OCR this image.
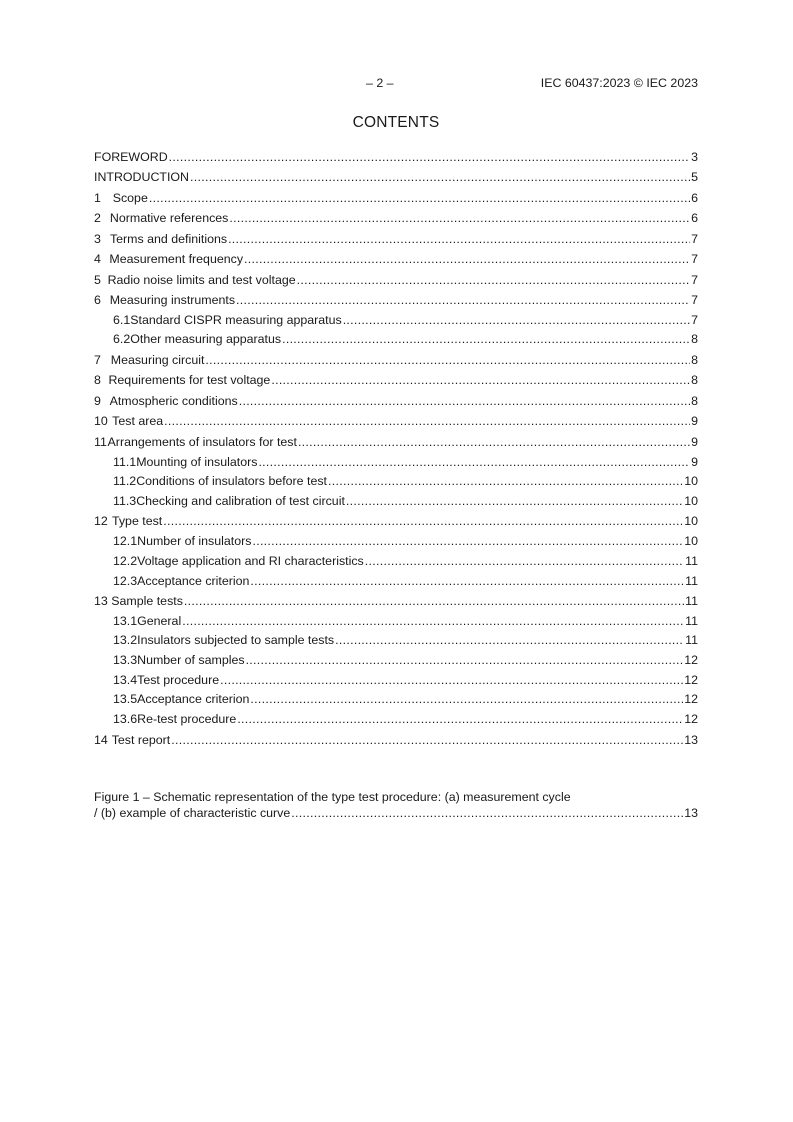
– 2 –	IEC 60437:2023 © IEC 2023
CONTENTS
FOREWORD .....	3
INTRODUCTION .....	5
1 Scope .....	6
2 Normative references .....	6
3 Terms and definitions .....	7
4 Measurement frequency .....	7
5 Radio noise limits and test voltage .....	7
6 Measuring instruments .....	7
6.1 Standard CISPR measuring apparatus .....	7
6.2 Other measuring apparatus .....	8
7 Measuring circuit .....	8
8 Requirements for test voltage .....	8
9 Atmospheric conditions .....	8
10 Test area .....	9
11 Arrangements of insulators for test .....	9
11.1 Mounting of insulators .....	9
11.2 Conditions of insulators before test .....	10
11.3 Checking and calibration of test circuit .....	10
12 Type test .....	10
12.1 Number of insulators .....	10
12.2 Voltage application and RI characteristics .....	11
12.3 Acceptance criterion .....	11
13 Sample tests .....	11
13.1 General .....	11
13.2 Insulators subjected to sample tests .....	11
13.3 Number of samples .....	12
13.4 Test procedure .....	12
13.5 Acceptance criterion .....	12
13.6 Re-test procedure .....	12
14 Test report .....	13
Figure 1 – Schematic representation of the type test procedure: (a) measurement cycle
/ (b) example of characteristic curve .....	13
